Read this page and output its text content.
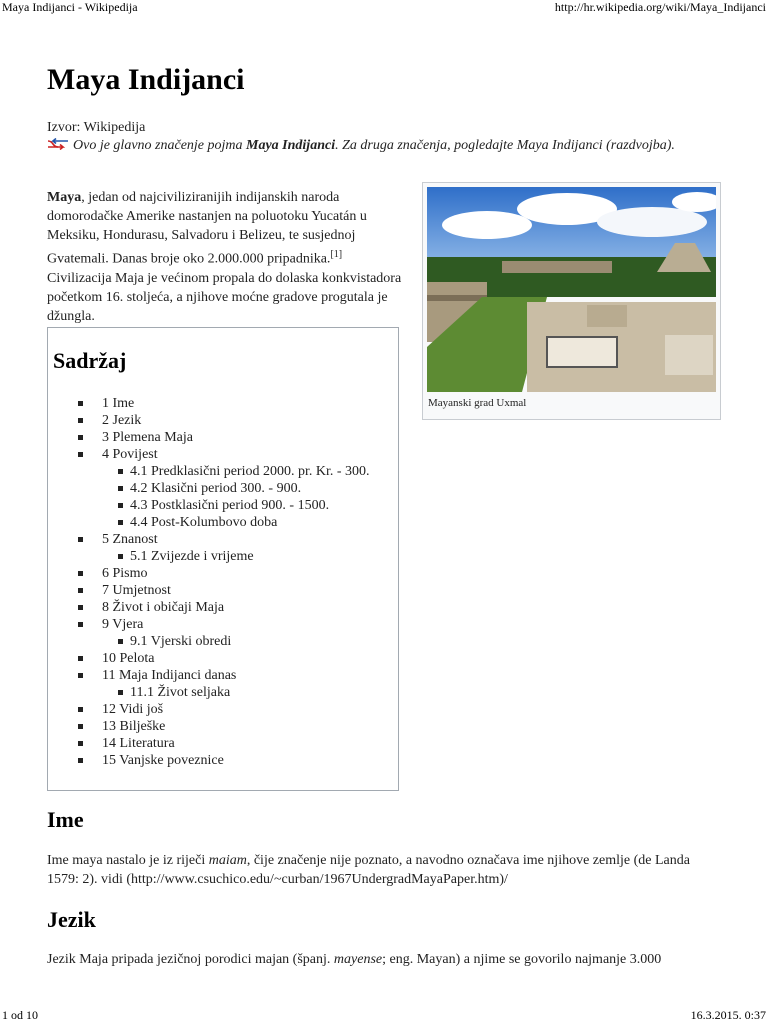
Maya Indijanci - Wikipedija	http://hr.wikipedia.org/wiki/Maya_Indijanci
Maya Indijanci
Izvor: Wikipedija
Ovo je glavno značenje pojma Maya Indijanci. Za druga značenja, pogledajte Maya Indijanci (razdvojba).
Maya, jedan od najciviliziranijih indijanskih naroda domorodačke Amerike nastanjen na poluotoku Yucatán u Meksiku, Hondurasu, Salvadoru i Belizeu, te susjednoj Gvatemali. Danas broje oko 2.000.000 pripadnika.[1] Civilizacija Maja je većinom propala do dolaska konkvistadora početkom 16. stoljeća, a njihove moćne gradove progutala je džungla.
Mayanski grad Uxmal
Sadržaj
1 Ime
2 Jezik
3 Plemena Maja
4 Povijest
4.1 Predklasični period 2000. pr. Kr. - 300.
4.2 Klasični period 300. - 900.
4.3 Postklasični period 900. - 1500.
4.4 Post-Kolumbovo doba
5 Znanost
5.1 Zvijezde i vrijeme
6 Pismo
7 Umjetnost
8 Život i običaji Maja
9 Vjera
9.1 Vjerski obredi
10 Pelota
11 Maja Indijanci danas
11.1 Život seljaka
12 Vidi još
13 Bilješke
14 Literatura
15 Vanjske poveznice
Ime
Ime maya nastalo je iz riječi maiam, čije značenje nije poznato, a navodno označava ime njihove zemlje (de Landa 1579: 2). vidi (http://www.csuchico.edu/~curban/1967UndergradMayaPaper.htm)/
Jezik
Jezik Maja pripada jezičnoj porodici majan (španj. mayense; eng. Mayan) a njime se govorilo najmanje 3.000
1 od 10	16.3.2015. 0:37
